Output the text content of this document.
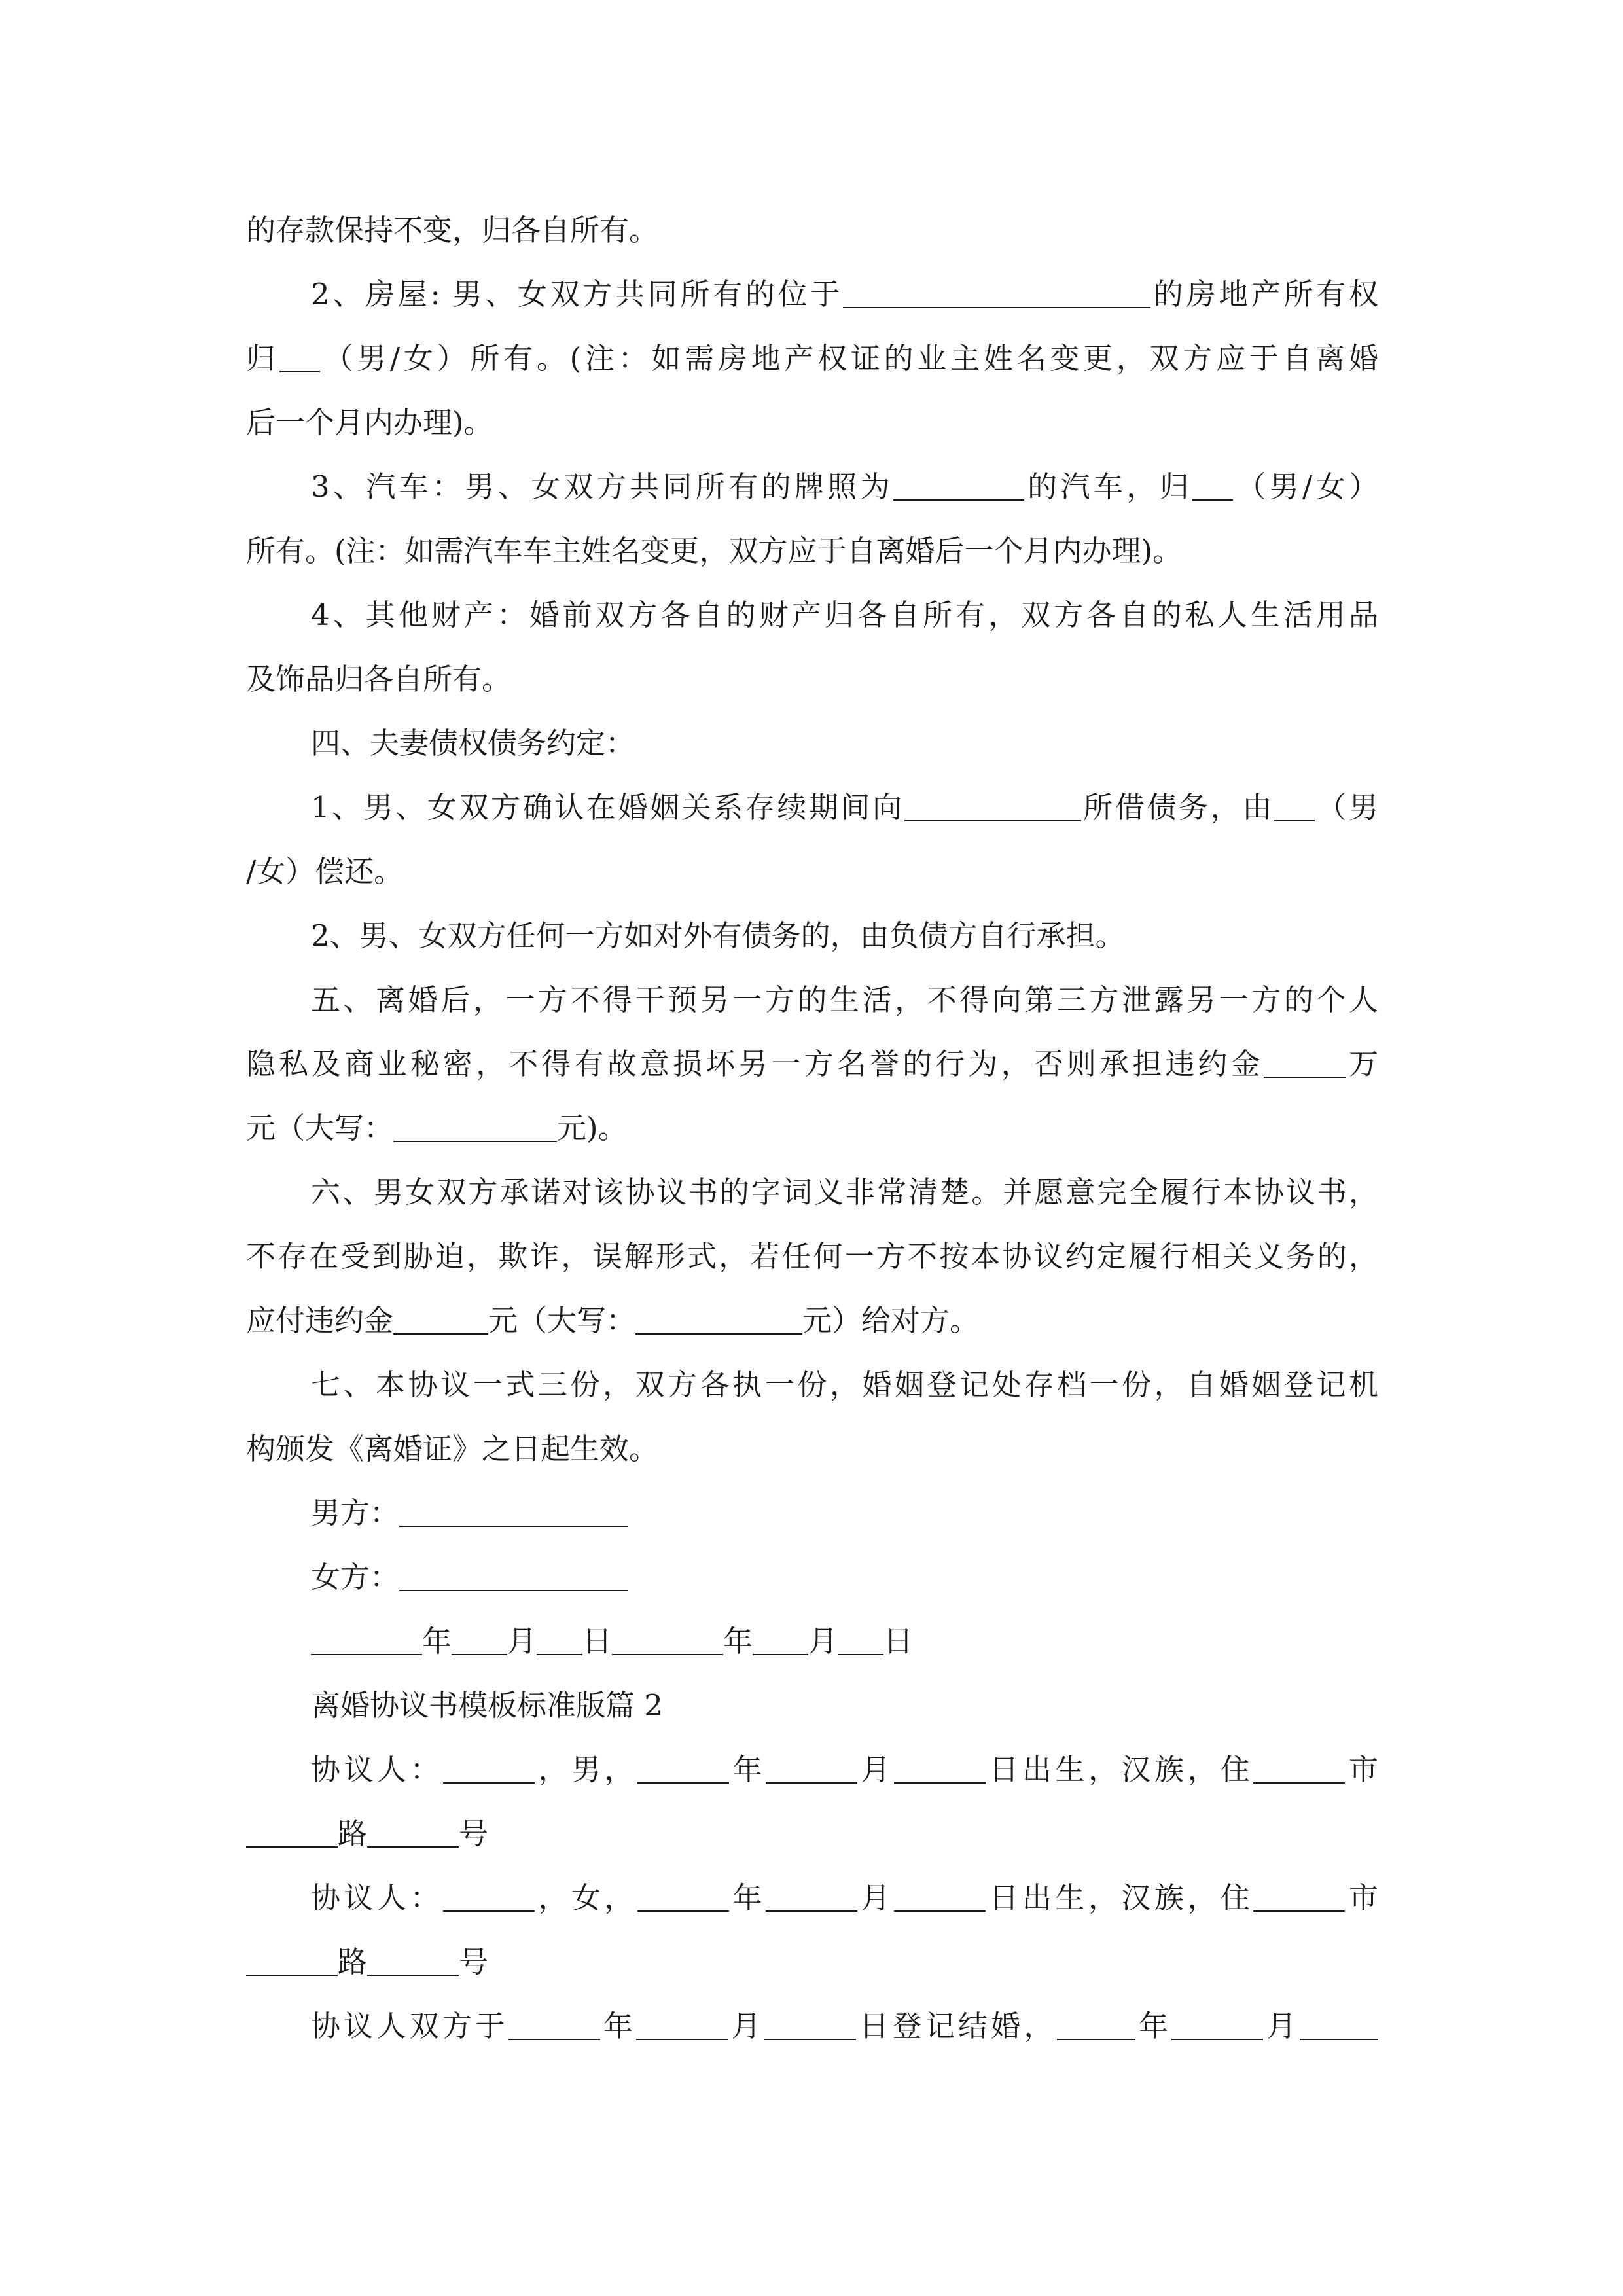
的存款保持不变，归各自所有。
2、房屋: 男、女双方共同所有的位于	的房地产所有权
归 （男/女）所有。(注：如需房地产权证的业主姓名变更，双方应于自离婚
后一个月内办理)。
3、汽车：男、女双方共同所有的牌照为	的汽车，归 （男/女）
所有。(注：如需汽车车主姓名变更，双方应于自离婚后一个月内办理)。
4、其他财产：婚前双方各自的财产归各自所有，双方各自的私人生活用品
及饰品归各自所有。
四、夫妻债权债务约定：
1、男、女双方确认在婚姻关系存续期间向	所借债务，由 （男
/女）偿还。
2、男、女双方任何一方如对外有债务的，由负债方自行承担。
五、离婚后，一方不得干预另一方的生活，不得向第三方泄露另一方的个人
隐私及商业秘密，不得有故意损坏另一方名誉的行为，否则承担违约金	万
元（大写：	元)。
六、男女双方承诺对该协议书的字词义非常清楚。并愿意完全履行本协议书，
不存在受到胁迫，欺诈，误解形式，若任何一方不按本协议约定履行相关义务的，
应付违约金	元（大写：	元）给对方。
七、本协议一式三份，双方各执一份，婚姻登记处存档一份，自婚姻登记机
构颁发《离婚证》之日起生效。
男方：
女方：
年 月 日	年 月 日
离婚协议书模板标准版篇 2
协议人：	，男，	年	月	日出生，汉族，住	市
路	号
协议人：	，女，	年	月	日出生，汉族，住	市
路	号
协议人双方于	年	月	日登记结婚，	年	月
